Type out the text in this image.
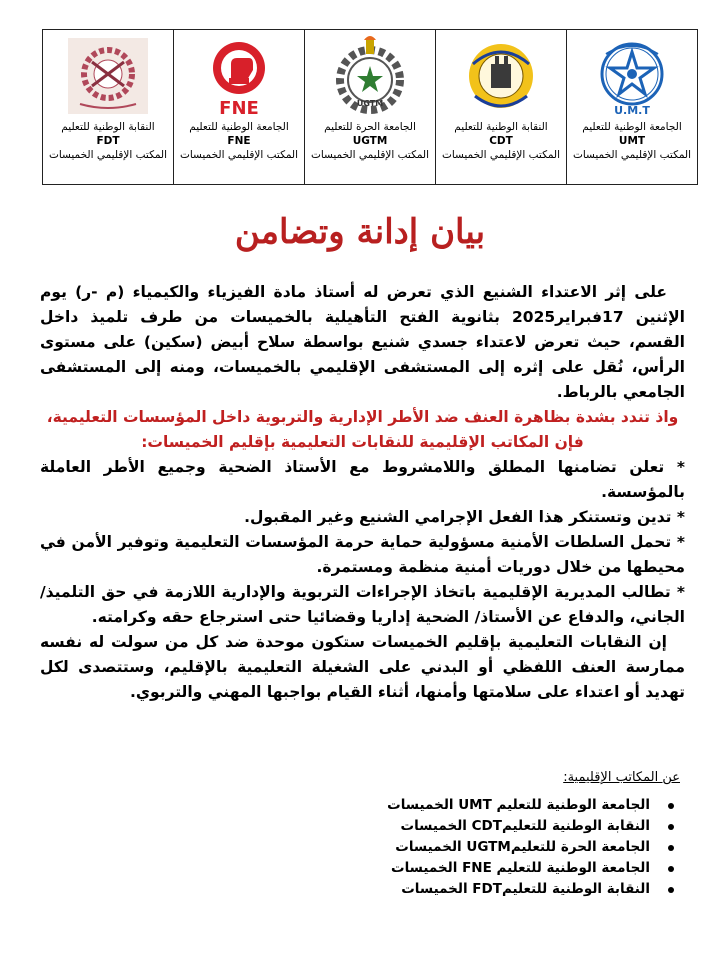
U.M.T
الجامعة الوطنية للتعليم
UMT
المكتب الإقليمي الخميسات
النقابة الوطنية للتعليم
CDT
المكتب الإقليمي الخميسات
UGTM
الجامعة الحرة للتعليم
UGTM
المكتب الإقليمي الخميسات
FNE
الجامعة الوطنية للتعليم
FNE
المكتب الإقليمي الخميسات
النقابة الوطنية للتعليم
FDT
المكتب الإقليمي الخميسات
بيان إدانة وتضامن

على إثر الاعتداء الشنيع الذي تعرض له أستاذ مادة الفيزياء والكيمياء (م -ر) يوم الإثنين 17فبراير2025 بثانوية الفتح التأهيلية بالخميسات من طرف تلميذ داخل القسم، حيث تعرض لاعتداء جسدي شنيع بواسطة سلاح أبيض (سكين) على مستوى الرأس، نُقل على إثره إلى المستشفى الإقليمي بالخميسات، ومنه إلى المستشفى الجامعي بالرباط.

واذ تندد بشدة بظاهرة العنف ضد الأطر الإدارية والتربوية داخل المؤسسات التعليمية،

فإن المكاتب الإقليمية للنقابات التعليمية بإقليم الخميسات:

* تعلن تضامنها المطلق واللامشروط مع الأستاذ الضحية وجميع الأطر العاملة بالمؤسسة.

* تدين وتستنكر هذا الفعل الإجرامي الشنيع وغير المقبول.

* تحمل السلطات الأمنية مسؤولية حماية حرمة المؤسسات التعليمية وتوفير الأمن في محيطها من خلال دوريات أمنية منظمة ومستمرة.

* تطالب المديرية الإقليمية باتخاذ الإجراءات التربوية والإدارية اللازمة في حق التلميذ/الجاني، والدفاع عن الأستاذ/ الضحية إداريا وقضائيا حتى استرجاع حقه وكرامته.

إن النقابات التعليمية بإقليم الخميسات ستكون موحدة ضد كل من سولت له نفسه ممارسة العنف اللفظي أو البدني على الشغيلة التعليمية بالإقليم، وستتصدى لكل تهديد أو اعتداء على سلامتها وأمنها، أثناء القيام بواجبها المهني والتربوي.

عن المكاتب الإقليمية:
الجامعة الوطنية للتعليم UMT الخميسات
النقابة الوطنية للتعليمCDT الخميسات
الجامعة الحرة للتعليمUGTM الخميسات
الجامعة الوطنية للتعليم FNE الخميسات
النقابة الوطنية للتعليمFDT الخميسات
